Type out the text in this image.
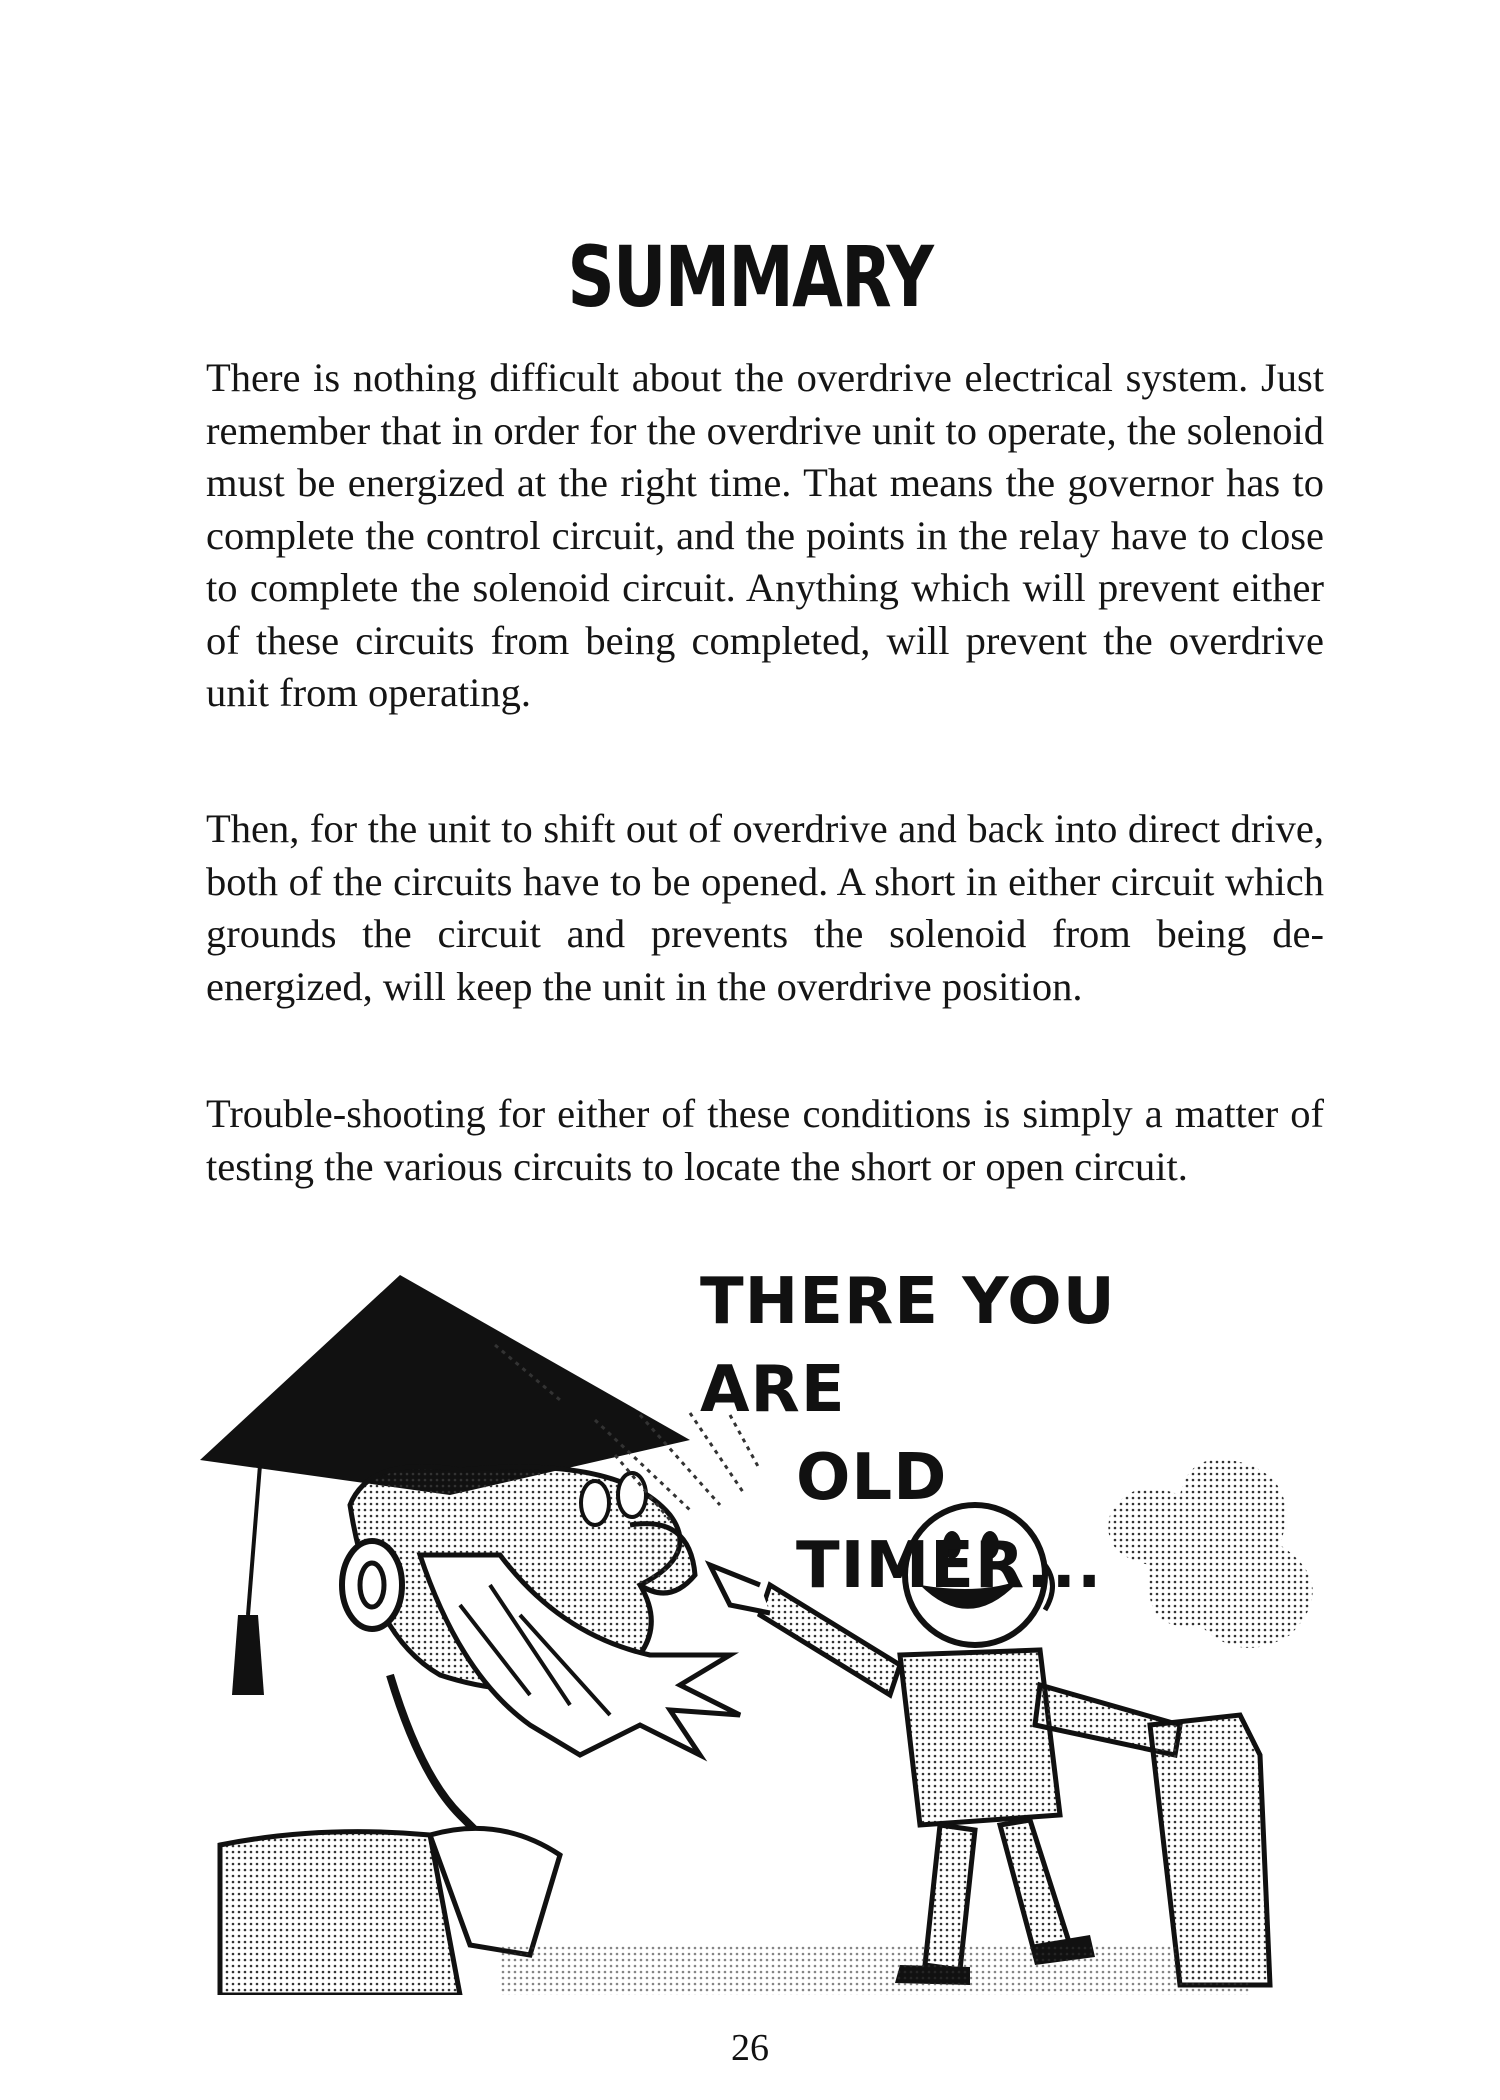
SUMMARY

There is nothing difficult about the overdrive electrical system. Just remember that in order for the overdrive unit to operate, the solenoid must be energized at the right time. That means the governor has to complete the control circuit, and the points in the relay have to close to complete the solenoid circuit. Anything which will prevent either of these circuits from being completed, will prevent the overdrive unit from operating.

Then, for the unit to shift out of overdrive and back into direct drive, both of the circuits have to be opened. A short in either circuit which grounds the circuit and prevents the solenoid from being de-energized, will keep the unit in the overdrive position.

Trouble-shooting for either of these conditions is simply a matter of testing the various circuits to locate the short or open circuit.

THERE YOU ARE
OLD TIMER...
26
